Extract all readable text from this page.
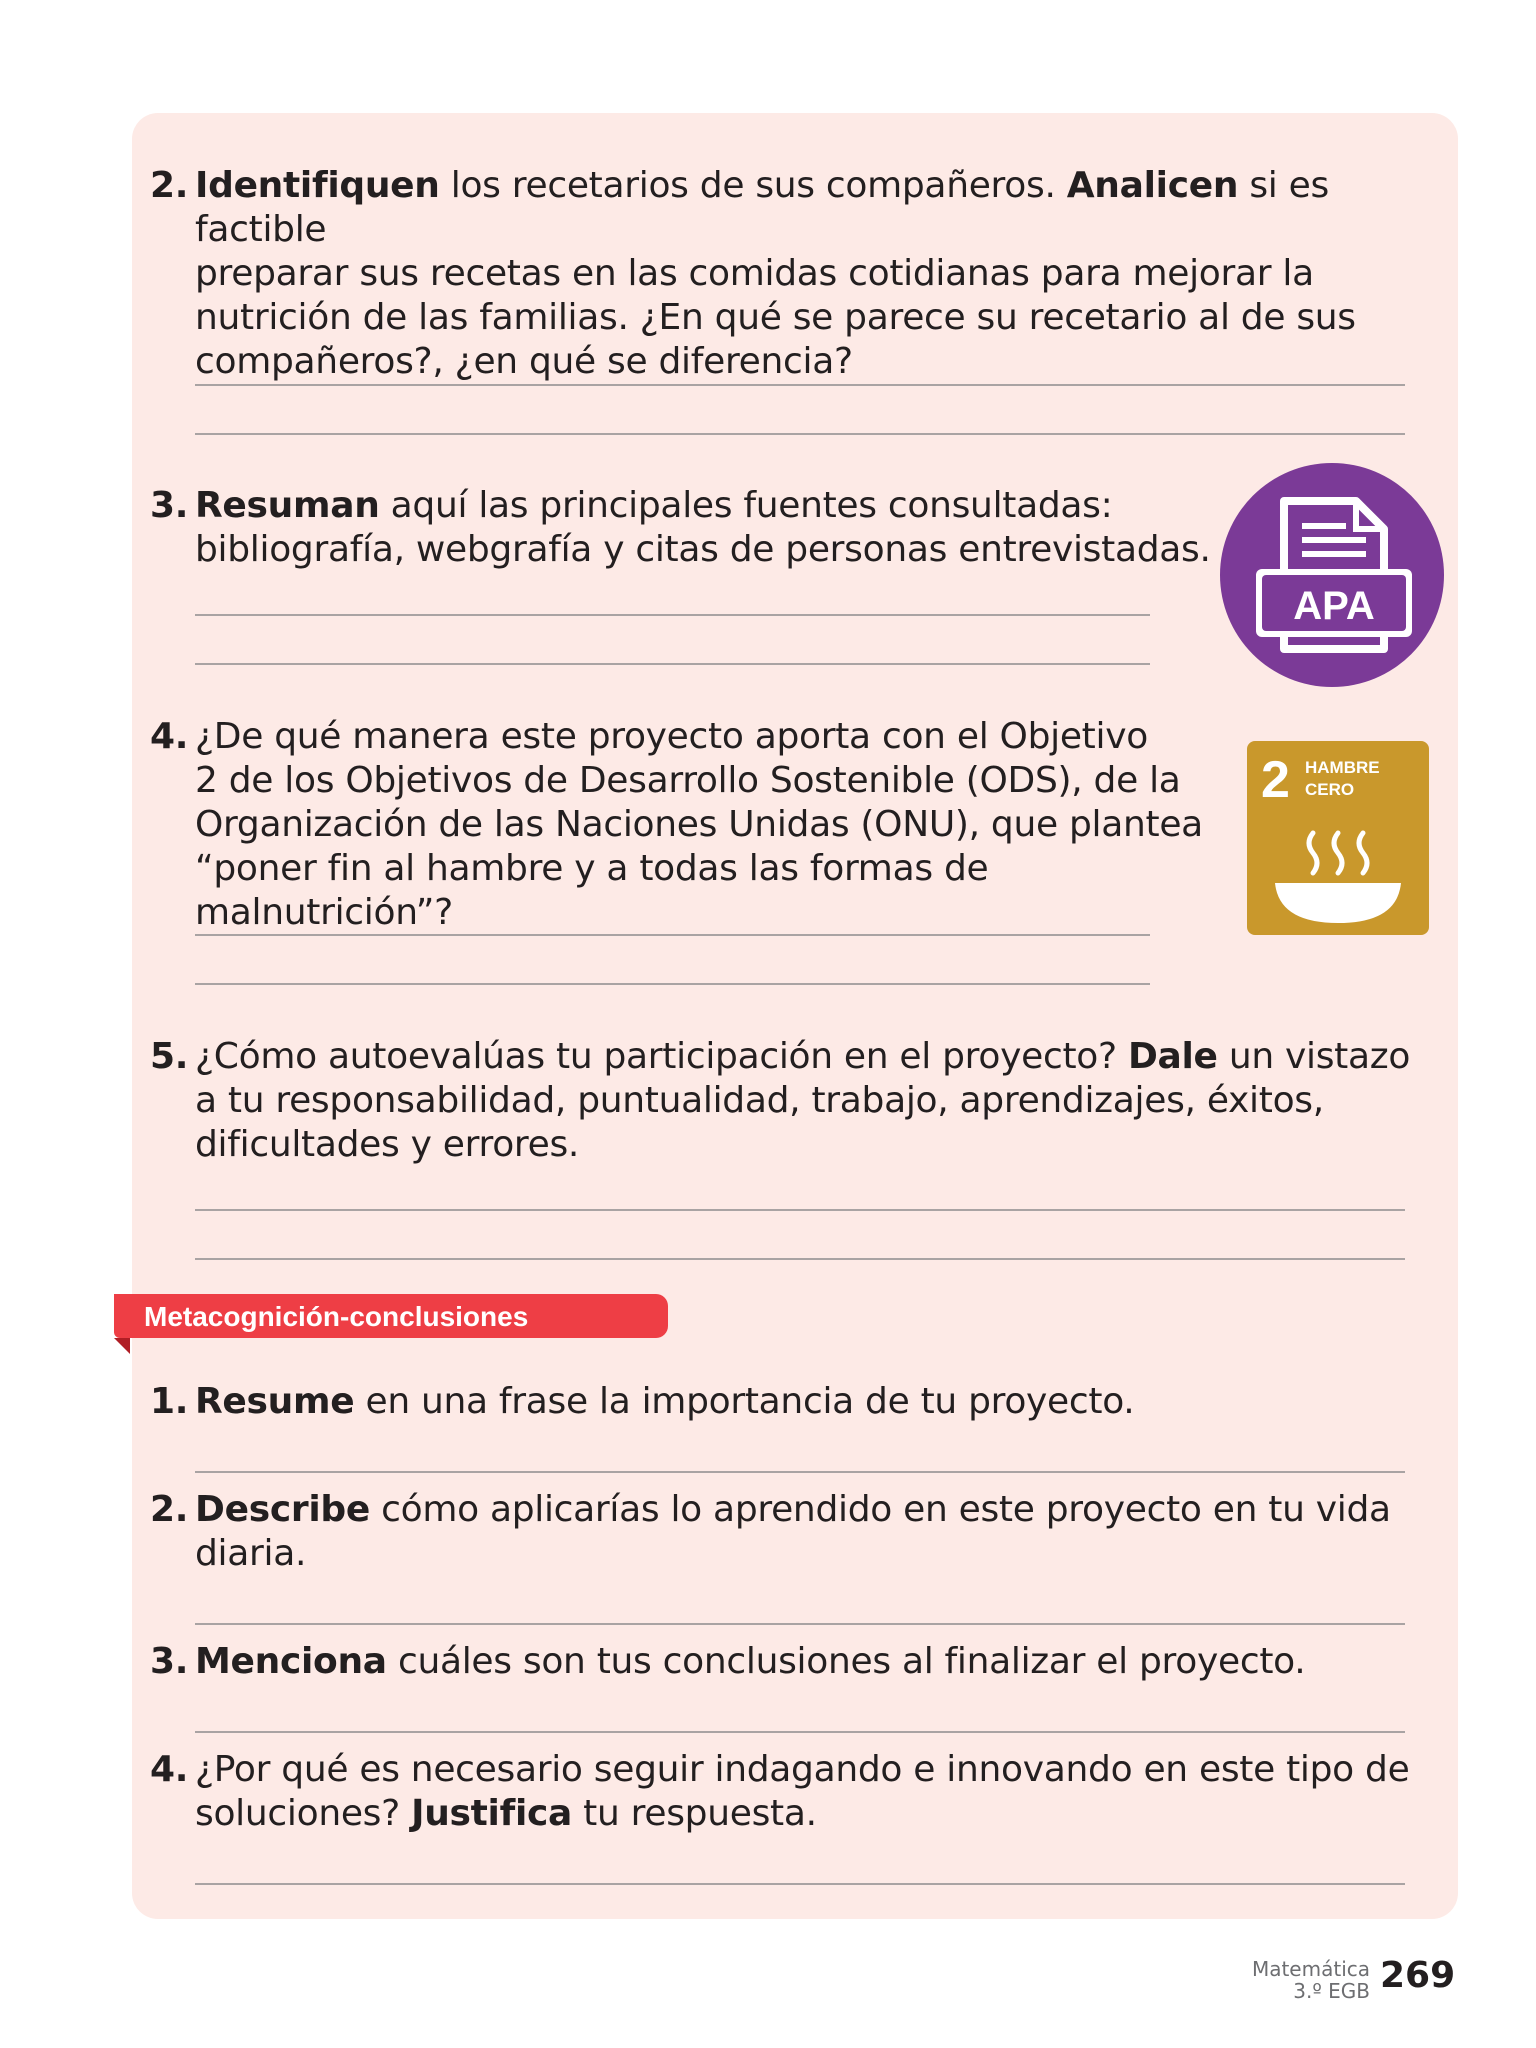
2. Identifiquen los recetarios de sus compañeros. Analicen si es factible
preparar sus recetas en las comidas cotidianas para mejorar la
nutrición de las familias. ¿En qué se parece su recetario al de sus
compañeros?, ¿en qué se diferencia?
3. Resuman aquí las principales fuentes consultadas:
bibliografía, webgrafía y citas de personas entrevistadas.
APA
4. ¿De qué manera este proyecto aporta con el Objetivo
2 de los Objetivos de Desarrollo Sostenible (ODS), de la
Organización de las Naciones Unidas (ONU), que plantea
“poner fin al hambre y a todas las formas de malnutrición”?
2 HAMBRE
CERO
5. ¿Cómo autoevalúas tu participación en el proyecto? Dale un vistazo
a tu responsabilidad, puntualidad, trabajo, aprendizajes, éxitos,
dificultades y errores.
Metacognición-conclusiones
1. Resume en una frase la importancia de tu proyecto.
2. Describe cómo aplicarías lo aprendido en este proyecto en tu vida
diaria.
3. Menciona cuáles son tus conclusiones al finalizar el proyecto.
4. ¿Por qué es necesario seguir indagando e innovando en este tipo de
soluciones? Justifica tu respuesta.
Matemática
3.º EGB 269
